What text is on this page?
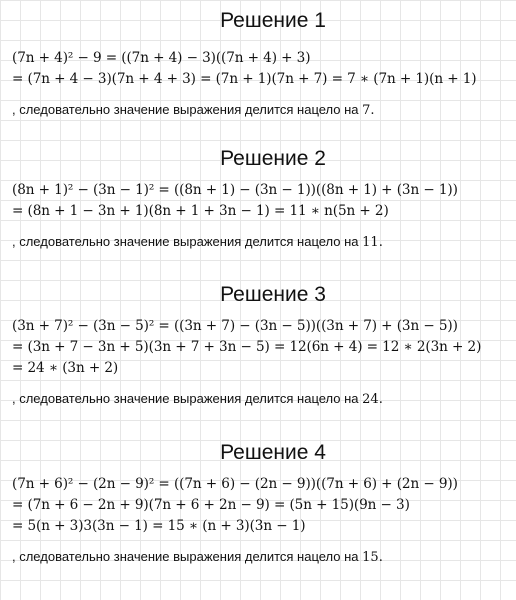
Решение 1
(7n + 4)² − 9 = ((7n + 4) − 3)((7n + 4) + 3)
= (7n + 4 − 3)(7n + 4 + 3) = (7n + 1)(7n + 7) = 7 ∗ (7n + 1)(n + 1)
, следовательно значение выражения делится нацело на 7.
Решение 2
(8n + 1)² − (3n − 1)² = ((8n + 1) − (3n − 1))((8n + 1) + (3n − 1))
= (8n + 1 − 3n + 1)(8n + 1 + 3n − 1) = 11 ∗ n(5n + 2)
, следовательно значение выражения делится нацело на 11.
Решение 3
(3n + 7)² − (3n − 5)² = ((3n + 7) − (3n − 5))((3n + 7) + (3n − 5))
= (3n + 7 − 3n + 5)(3n + 7 + 3n − 5) = 12(6n + 4) = 12 ∗ 2(3n + 2)
= 24 ∗ (3n + 2)
, следовательно значение выражения делится нацело на 24.
Решение 4
(7n + 6)² − (2n − 9)² = ((7n + 6) − (2n − 9))((7n + 6) + (2n − 9))
= (7n + 6 − 2n + 9)(7n + 6 + 2n − 9) = (5n + 15)(9n − 3)
= 5(n + 3)3(3n − 1) = 15 ∗ (n + 3)(3n − 1)
, следовательно значение выражения делится нацело на 15.
